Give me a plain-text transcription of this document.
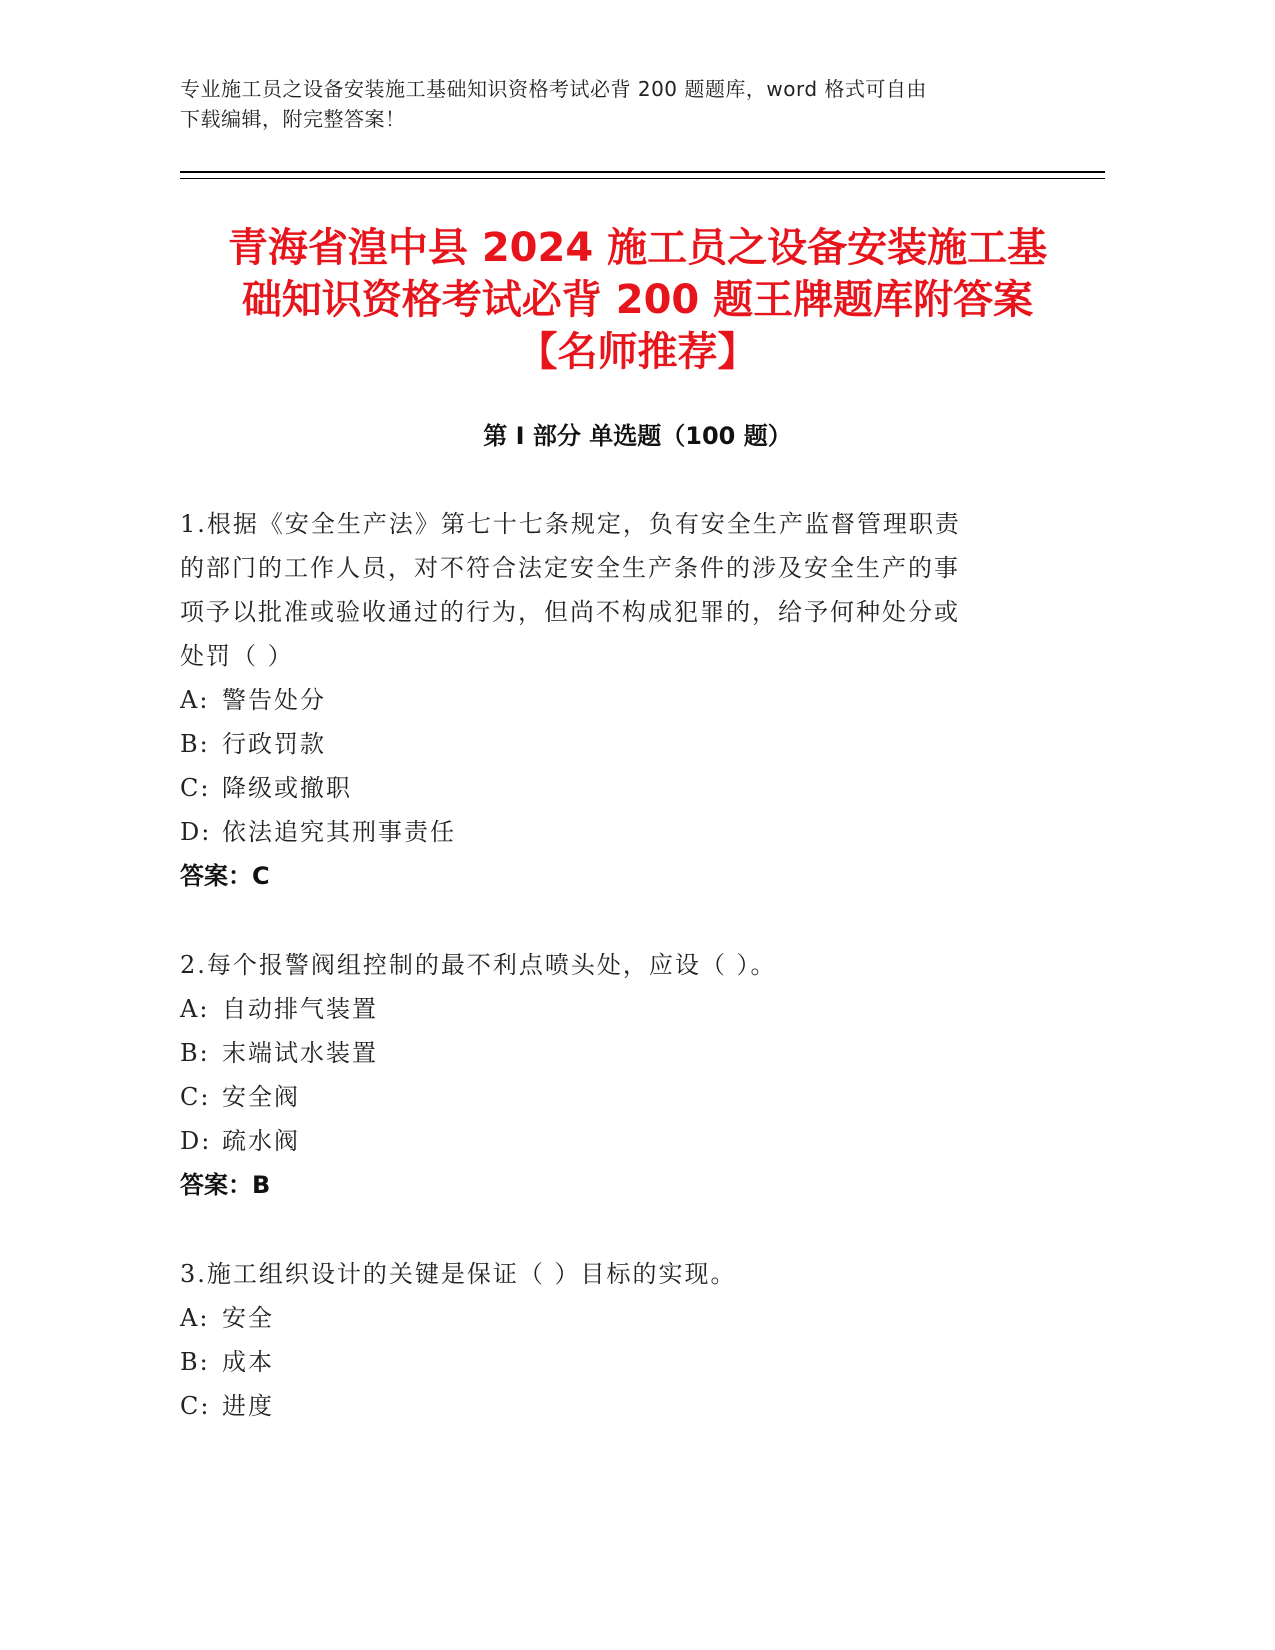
专业施工员之设备安装施工基础知识资格考试必背 200 题题库，word 格式可自由
下载编辑，附完整答案！
青海省湟中县 2024 施工员之设备安装施工基
础知识资格考试必背 200 题王牌题库附答案
【名师推荐】
第 I 部分 单选题（100 题）
1.根据《安全生产法》第七十七条规定，负有安全生产监督管理职责
的部门的工作人员，对不符合法定安全生产条件的涉及安全生产的事
项予以批准或验收通过的行为，但尚不构成犯罪的，给予何种处分或
处罚（ ）
A: 警告处分
B: 行政罚款
C: 降级或撤职
D: 依法追究其刑事责任
答案：C
2.每个报警阀组控制的最不利点喷头处，应设（ ）。
A: 自动排气装置
B: 末端试水装置
C: 安全阀
D: 疏水阀
答案：B
3.施工组织设计的关键是保证（ ）目标的实现。
A: 安全
B: 成本
C: 进度
